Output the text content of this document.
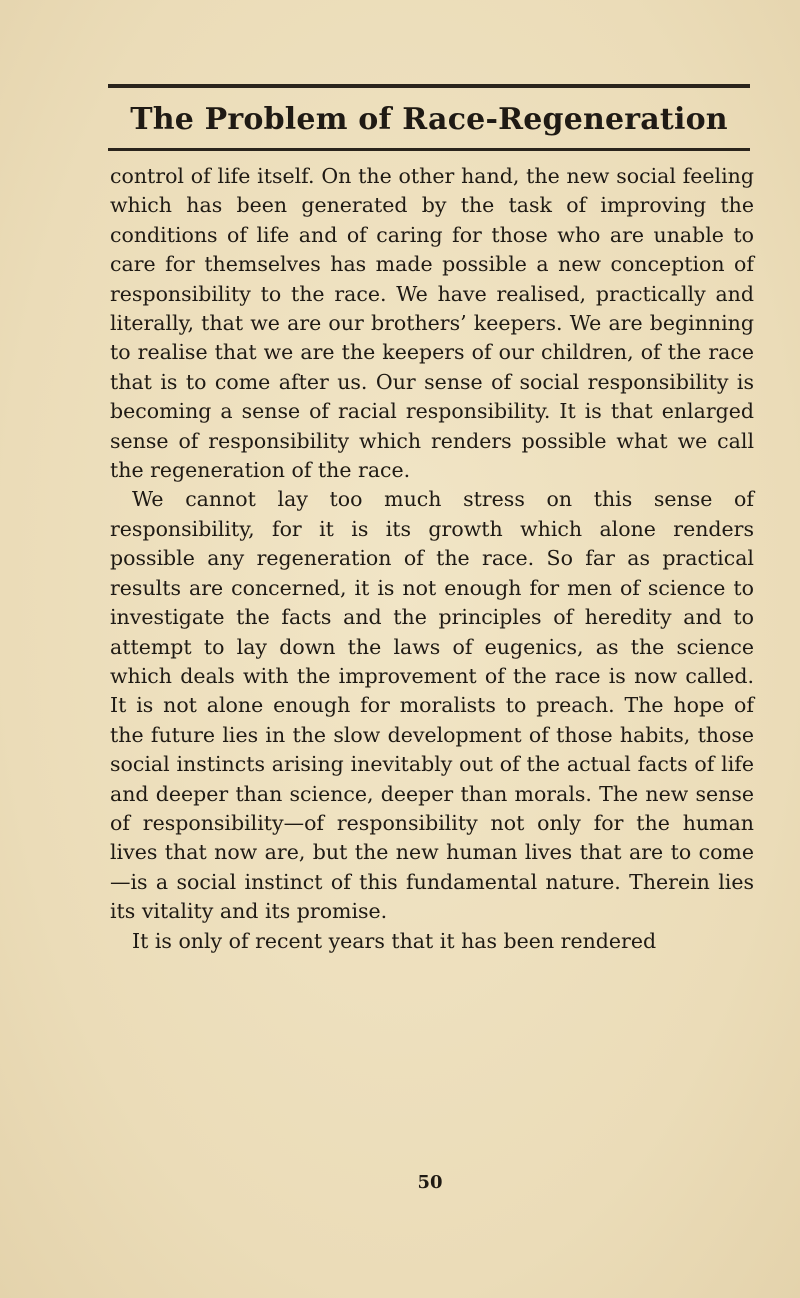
The Problem of Race-Regeneration

control of life itself. On the other hand, the new social feeling which has been generated by the task of improving the conditions of life and of caring for those who are unable to care for themselves has made possible a new conception of responsibility to the race. We have realised, practically and literally, that we are our brothers’ keepers. We are beginning to realise that we are the keepers of our children, of the race that is to come after us. Our sense of social responsibility is becoming a sense of racial responsibility. It is that enlarged sense of responsibility which renders possible what we call the regeneration of the race.

We cannot lay too much stress on this sense of responsibility, for it is its growth which alone renders possible any regeneration of the race. So far as practical results are concerned, it is not enough for men of science to investigate the facts and the principles of heredity and to attempt to lay down the laws of eugenics, as the science which deals with the improvement of the race is now called. It is not alone enough for moralists to preach. The hope of the future lies in the slow development of those habits, those social instincts arising inevitably out of the actual facts of life and deeper than science, deeper than morals. The new sense of responsibility—of responsibility not only for the human lives that now are, but the new human lives that are to come—is a social instinct of this fundamental nature. Therein lies its vitality and its promise.

It is only of recent years that it has been rendered

50
